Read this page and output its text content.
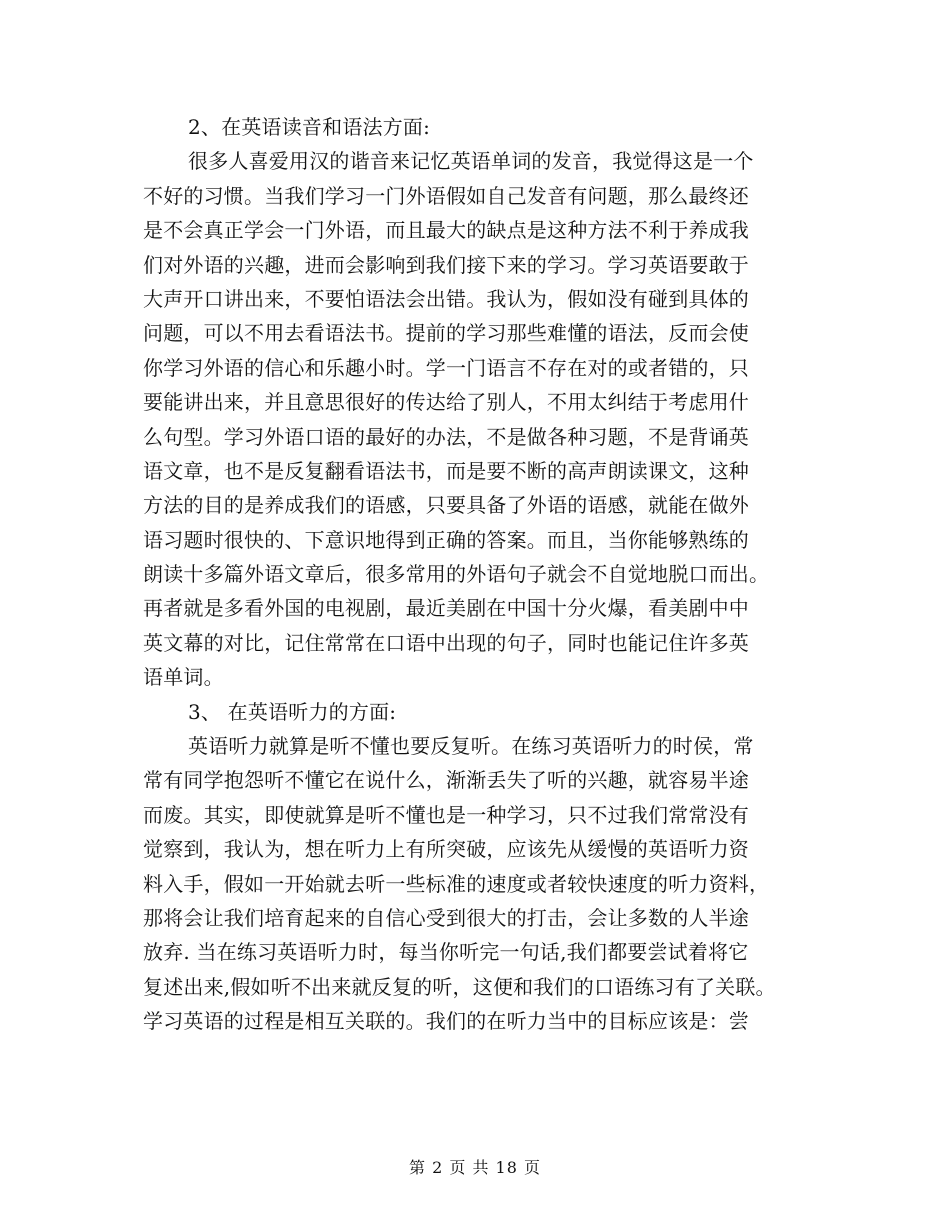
2、在英语读音和语法方面:
很多人喜爱用汉的谐音来记忆英语单词的发音，我觉得这是一个
不好的习惯。当我们学习一门外语假如自己发音有问题，那么最终还
是不会真正学会一门外语，而且最大的缺点是这种方法不利于养成我
们对外语的兴趣，进而会影响到我们接下来的学习。学习英语要敢于
大声开口讲出来，不要怕语法会出错。我认为，假如没有碰到具体的
问题，可以不用去看语法书。提前的学习那些难懂的语法，反而会使
你学习外语的信心和乐趣小时。学一门语言不存在对的或者错的，只
要能讲出来，并且意思很好的传达给了别人，不用太纠结于考虑用什
么句型。学习外语口语的最好的办法，不是做各种习题，不是背诵英
语文章，也不是反复翻看语法书，而是要不断的高声朗读课文，这种
方法的目的是养成我们的语感，只要具备了外语的语感，就能在做外
语习题时很快的、下意识地得到正确的答案。而且，当你能够熟练的
朗读十多篇外语文章后，很多常用的外语句子就会不自觉地脱口而出。
再者就是多看外国的电视剧，最近美剧在中国十分火爆，看美剧中中
英文幕的对比，记住常常在口语中出现的句子，同时也能记住许多英
语单词。
3、 在英语听力的方面:
英语听力就算是听不懂也要反复听。在练习英语听力的时侯，常
常有同学抱怨听不懂它在说什么，渐渐丢失了听的兴趣，就容易半途
而废。其实，即使就算是听不懂也是一种学习，只不过我们常常没有
觉察到，我认为，想在听力上有所突破，应该先从缓慢的英语听力资
料入手，假如一开始就去听一些标准的速度或者较快速度的听力资料，
那将会让我们培育起来的自信心受到很大的打击，会让多数的人半途
放弃. 当在练习英语听力时，每当你听完一句话,我们都要尝试着将它
复述出来,假如听不出来就反复的听，这便和我们的口语练习有了关联。
学习英语的过程是相互关联的。我们的在听力当中的目标应该是：尝
第 2 页 共 18 页
